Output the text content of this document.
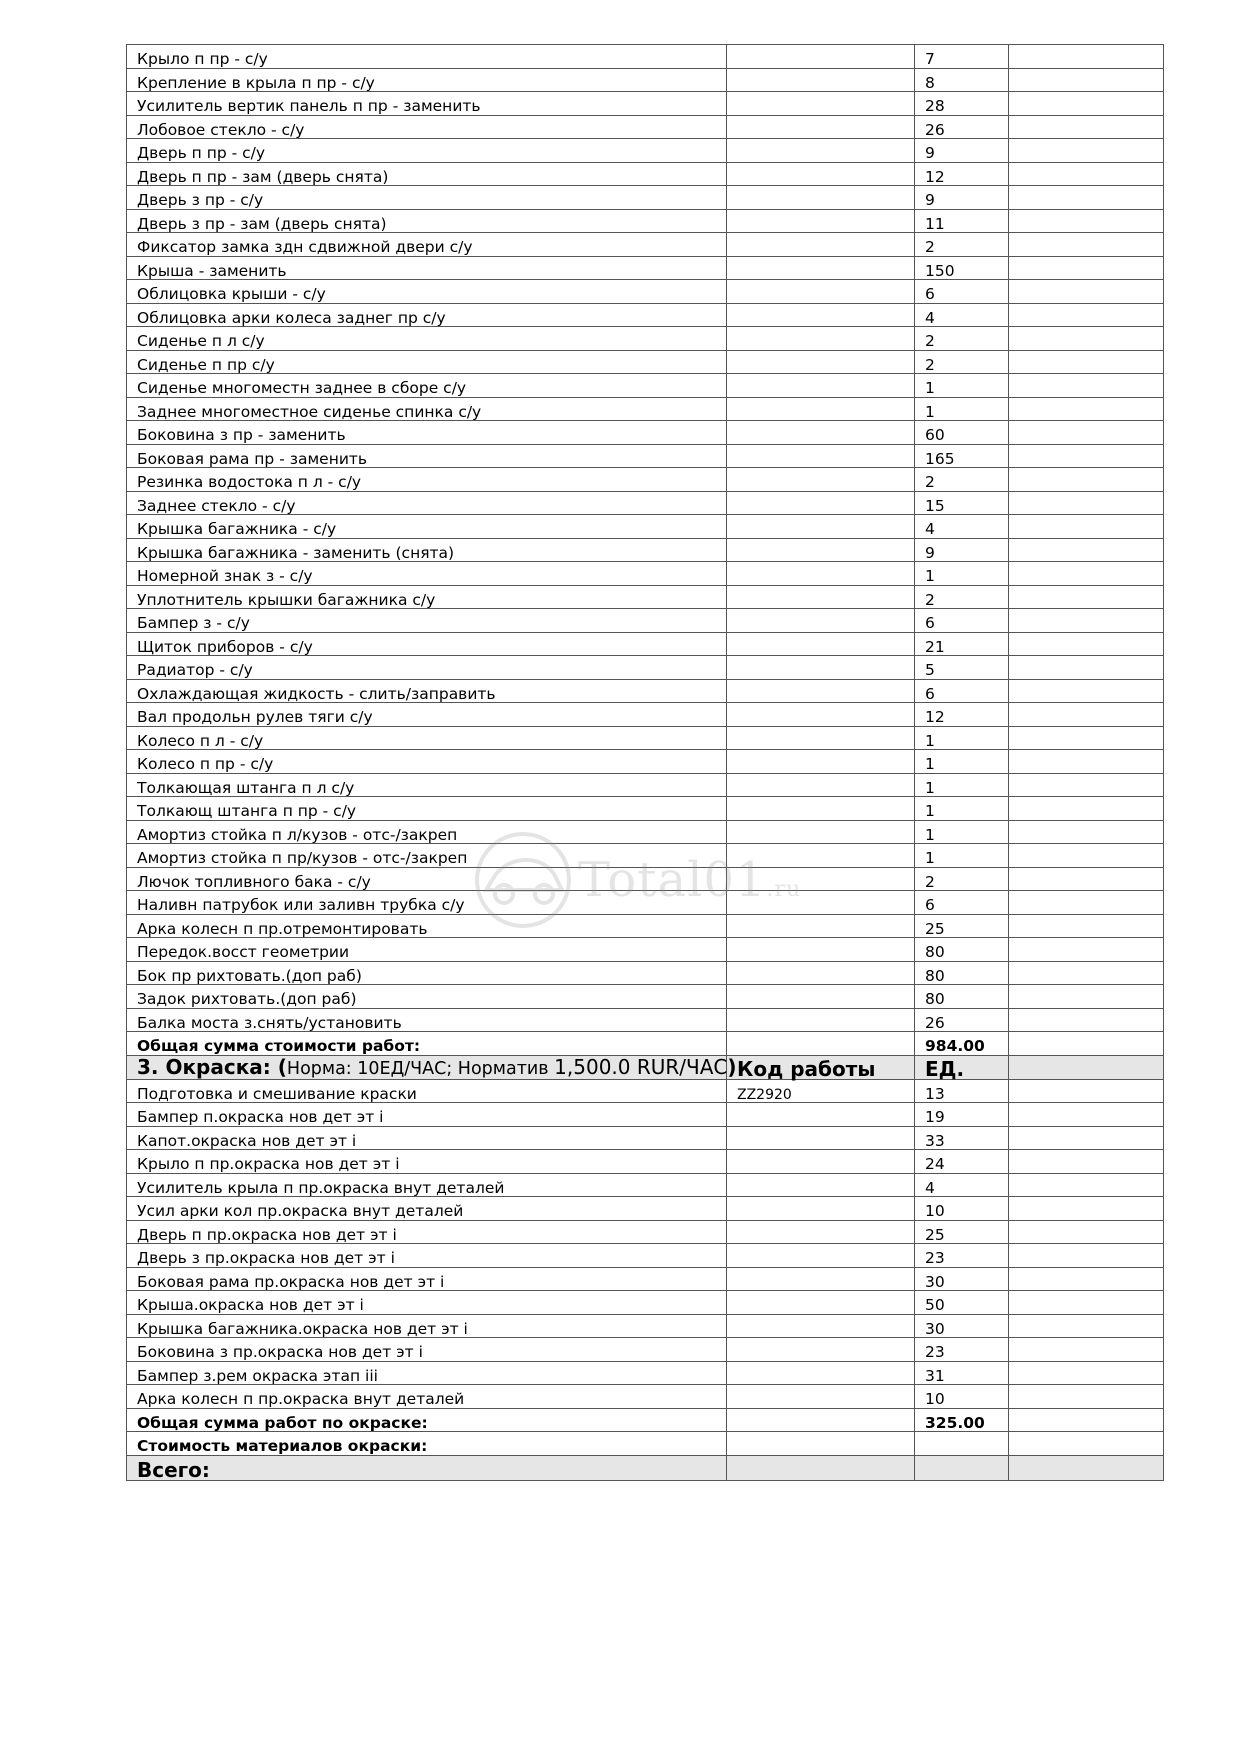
Крыло п пр - с/у		7	
Крепление в крыла п пр - с/у		8	
Усилитель вертик панель п пр - заменить		28	
Лобовое стекло - с/у		26	
Дверь п пр - с/у		9	
Дверь п пр - зам (дверь снята)		12	
Дверь з пр - с/у		9	
Дверь з пр - зам (дверь снята)		11	
Фиксатор замка здн сдвижной двери с/у		2	
Крыша - заменить		150	
Облицовка крыши - с/у		6	
Облицовка арки колеса заднег пр с/у		4	
Сиденье п л с/у		2	
Сиденье п пр с/у		2	
Сиденье многоместн заднее в сборе с/у		1	
Заднее многоместное сиденье спинка с/у		1	
Боковина з пр - заменить		60	
Боковая рама пр - заменить		165	
Резинка водостока п л - с/у		2	
Заднее стекло - с/у		15	
Крышка багажника - с/у		4	
Крышка багажника - заменить (снята)		9	
Номерной знак з - с/у		1	
Уплотнитель крышки багажника с/у		2	
Бампер з - с/у		6	
Щиток приборов - с/у		21	
Радиатор - с/у		5	
Охлаждающая жидкость - слить/заправить		6	
Вал продольн рулев тяги с/у		12	
Колесо п л - с/у		1	
Колесо п пр - с/у		1	
Толкающая штанга п л с/у		1	
Толкающ штанга п пр - с/у		1	
Амортиз стойка п л/кузов - отс-/закреп		1	
Амортиз стойка п пр/кузов - отс-/закреп		1	
Лючок топливного бака - с/у		2	
Наливн патрубок или заливн трубка с/у		6	
Арка колесн п пр.отремонтировать		25	
Передок.восст геометрии		80	
Бок пр рихтовать.(доп раб)		80	
Задок рихтовать.(доп раб)		80	
Балка моста з.снять/установить		26	
Общая сумма стоимости работ:		984.00	
3. Окраска: (Норма: 10ЕД/ЧАС; Норматив 1,500.0 RUR/ЧАС)	Код работы	ЕД.	
Подготовка и смешивание краски	ZZ2920	13	
Бампер п.окраска нов дет эт i		19	
Капот.окраска нов дет эт i		33	
Крыло п пр.окраска нов дет эт i		24	
Усилитель крыла п пр.окраска внут деталей		4	
Усил арки кол пр.окраска внут деталей		10	
Дверь п пр.окраска нов дет эт i		25	
Дверь з пр.окраска нов дет эт i		23	
Боковая рама пр.окраска нов дет эт i		30	
Крыша.окраска нов дет эт i		50	
Крышка багажника.окраска нов дет эт i		30	
Боковина з пр.окраска нов дет эт i		23	
Бампер з.рем окраска этап iii		31	
Арка колесн п пр.окраска внут деталей		10	
Общая сумма работ по окраске:		325.00	
Стоимость материалов окраски:			
Всего:			
Total01.ru
